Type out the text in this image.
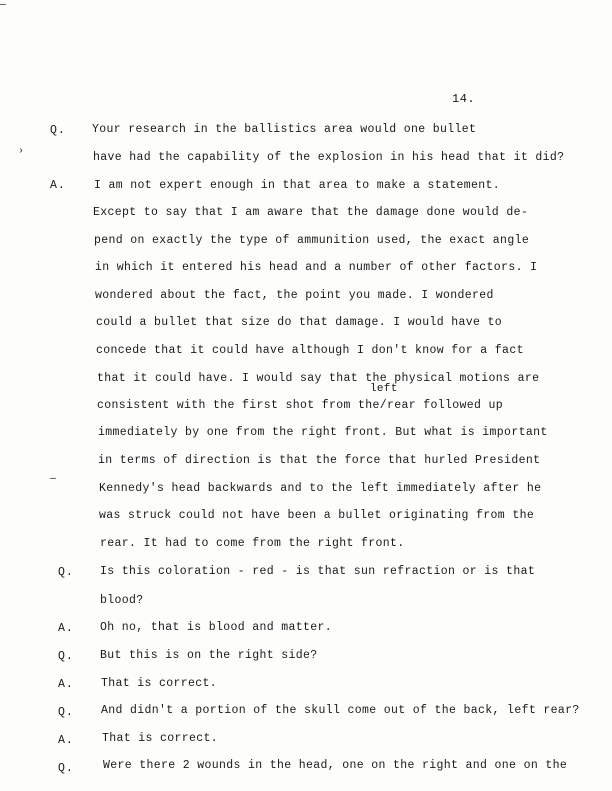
—
›
—
14.
Q.
A.
Q.
A.
Q.
A.
Q.
A.
Q.
Your research in the ballistics area would one bullet
have had the capability of the explosion in his head that it did?
I am not expert enough in that area to make a statement.
Except to say that I am aware that the damage done would de-
pend on exactly the type of ammunition used, the exact angle
in which it entered his head and a number of other factors. I
wondered about the fact, the point you made. I wondered
could a bullet that size do that damage. I would have to
concede that it could have although I don't know for a fact
that it could have. I would say that the physical motions are
left
consistent with the first shot from the/rear followed up
immediately by one from the right front. But what is important
in terms of direction is that the force that hurled President
Kennedy's head backwards and to the left immediately after he
was struck could not have been a bullet originating from the
rear. It had to come from the right front.
Is this coloration - red - is that sun refraction or is that
blood?
Oh no, that is blood and matter.
But this is on the right side?
That is correct.
And didn't a portion of the skull come out of the back, left rear?
That is correct.
Were there 2 wounds in the head, one on the right and one on the
